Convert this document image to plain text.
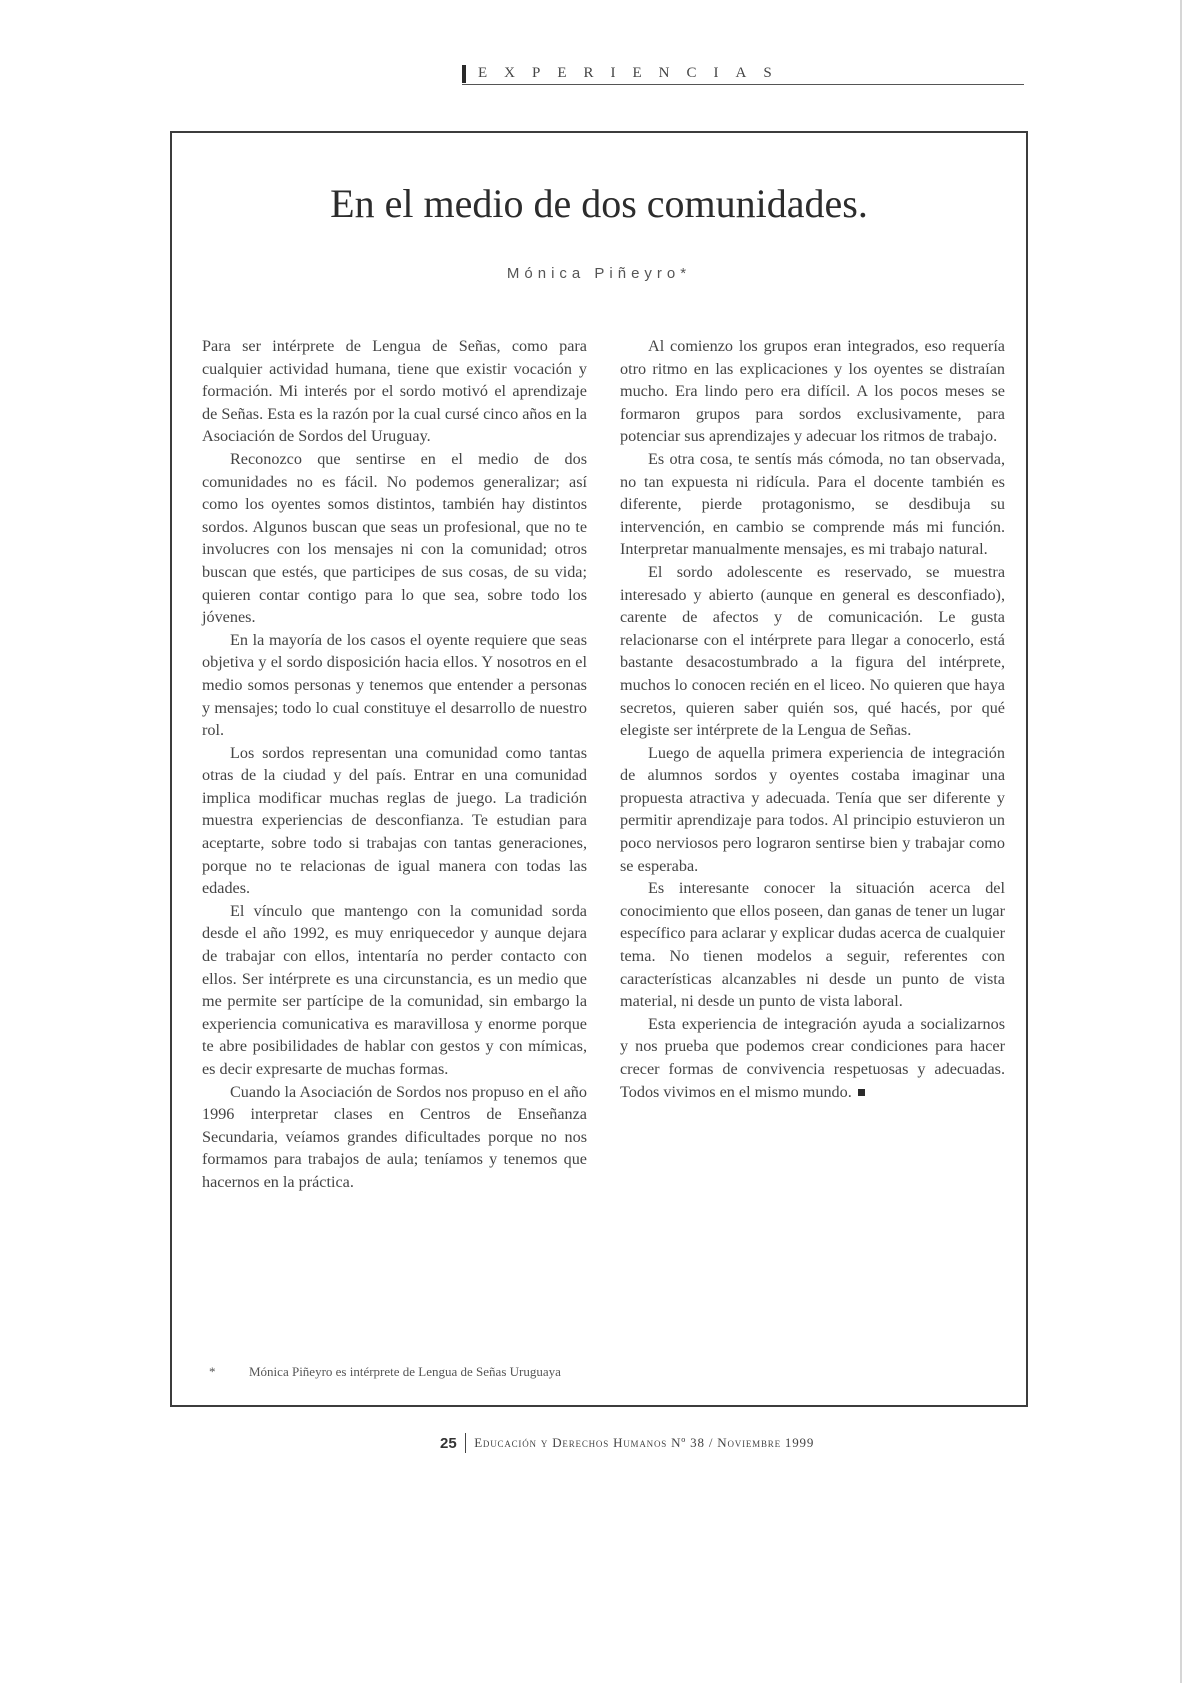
EXPERIENCIAS
En el medio de dos comunidades.
Mónica Piñeyro*

Para ser intérprete de Lengua de Señas, como para cualquier actividad humana, tiene que existir vocación y formación. Mi interés por el sordo motivó el aprendizaje de Señas. Esta es la razón por la cual cursé cinco años en la Asociación de Sordos del Uruguay.

Reconozco que sentirse en el medio de dos comunidades no es fácil. No podemos generalizar; así como los oyentes somos distintos, también hay distintos sordos. Algunos buscan que seas un profesional, que no te involucres con los mensajes ni con la comunidad; otros buscan que estés, que participes de sus cosas, de su vida; quieren contar contigo para lo que sea, sobre todo los jóvenes.

En la mayoría de los casos el oyente requiere que seas objetiva y el sordo disposición hacia ellos. Y nosotros en el medio somos personas y tenemos que entender a personas y mensajes; todo lo cual constituye el desarrollo de nuestro rol.

Los sordos representan una comunidad como tantas otras de la ciudad y del país. Entrar en una comunidad implica modificar muchas reglas de juego. La tradición muestra experiencias de desconfianza. Te estudian para aceptarte, sobre todo si trabajas con tantas generaciones, porque no te relacionas de igual manera con todas las edades.

El vínculo que mantengo con la comunidad sorda desde el año 1992, es muy enriquecedor y aunque dejara de trabajar con ellos, intentaría no perder contacto con ellos. Ser intérprete es una circunstancia, es un medio que me permite ser partícipe de la comunidad, sin embargo la experiencia comunicativa es maravillosa y enorme porque te abre posibilidades de hablar con gestos y con mímicas, es decir expresarte de muchas formas.

Cuando la Asociación de Sordos nos propuso en el año 1996 interpretar clases en Centros de Enseñanza Secundaria, veíamos grandes dificultades porque no nos formamos para trabajos de aula; teníamos y tenemos que hacernos en la práctica.

Al comienzo los grupos eran integrados, eso requería otro ritmo en las explicaciones y los oyentes se distraían mucho. Era lindo pero era difícil. A los pocos meses se formaron grupos para sordos exclusivamente, para potenciar sus aprendizajes y adecuar los ritmos de trabajo.

Es otra cosa, te sentís más cómoda, no tan observada, no tan expuesta ni ridícula. Para el docente también es diferente, pierde protagonismo, se desdibuja su intervención, en cambio se comprende más mi función. Interpretar manualmente mensajes, es mi trabajo natural.

El sordo adolescente es reservado, se muestra interesado y abierto (aunque en general es desconfiado), carente de afectos y de comunicación. Le gusta relacionarse con el intérprete para llegar a conocerlo, está bastante desacostumbrado a la figura del intérprete, muchos lo conocen recién en el liceo. No quieren que haya secretos, quieren saber quién sos, qué hacés, por qué elegiste ser intérprete de la Lengua de Señas.

Luego de aquella primera experiencia de integración de alumnos sordos y oyentes costaba imaginar una propuesta atractiva y adecuada. Tenía que ser diferente y permitir aprendizaje para todos. Al principio estuvieron un poco nerviosos pero lograron sentirse bien y trabajar como se esperaba.

Es interesante conocer la situación acerca del conocimiento que ellos poseen, dan ganas de tener un lugar específico para aclarar y explicar dudas acerca de cualquier tema. No tienen modelos a seguir, referentes con características alcanzables ni desde un punto de vista material, ni desde un punto de vista laboral.

Esta experiencia de integración ayuda a socializarnos y nos prueba que podemos crear condiciones para hacer crecer formas de convivencia respetuosas y adecuadas. Todos vivimos en el mismo mundo.

*	Mónica Piñeyro es intérprete de Lengua de Señas Uruguaya
25 Educación y Derechos Humanos Nº 38 / Noviembre 1999
